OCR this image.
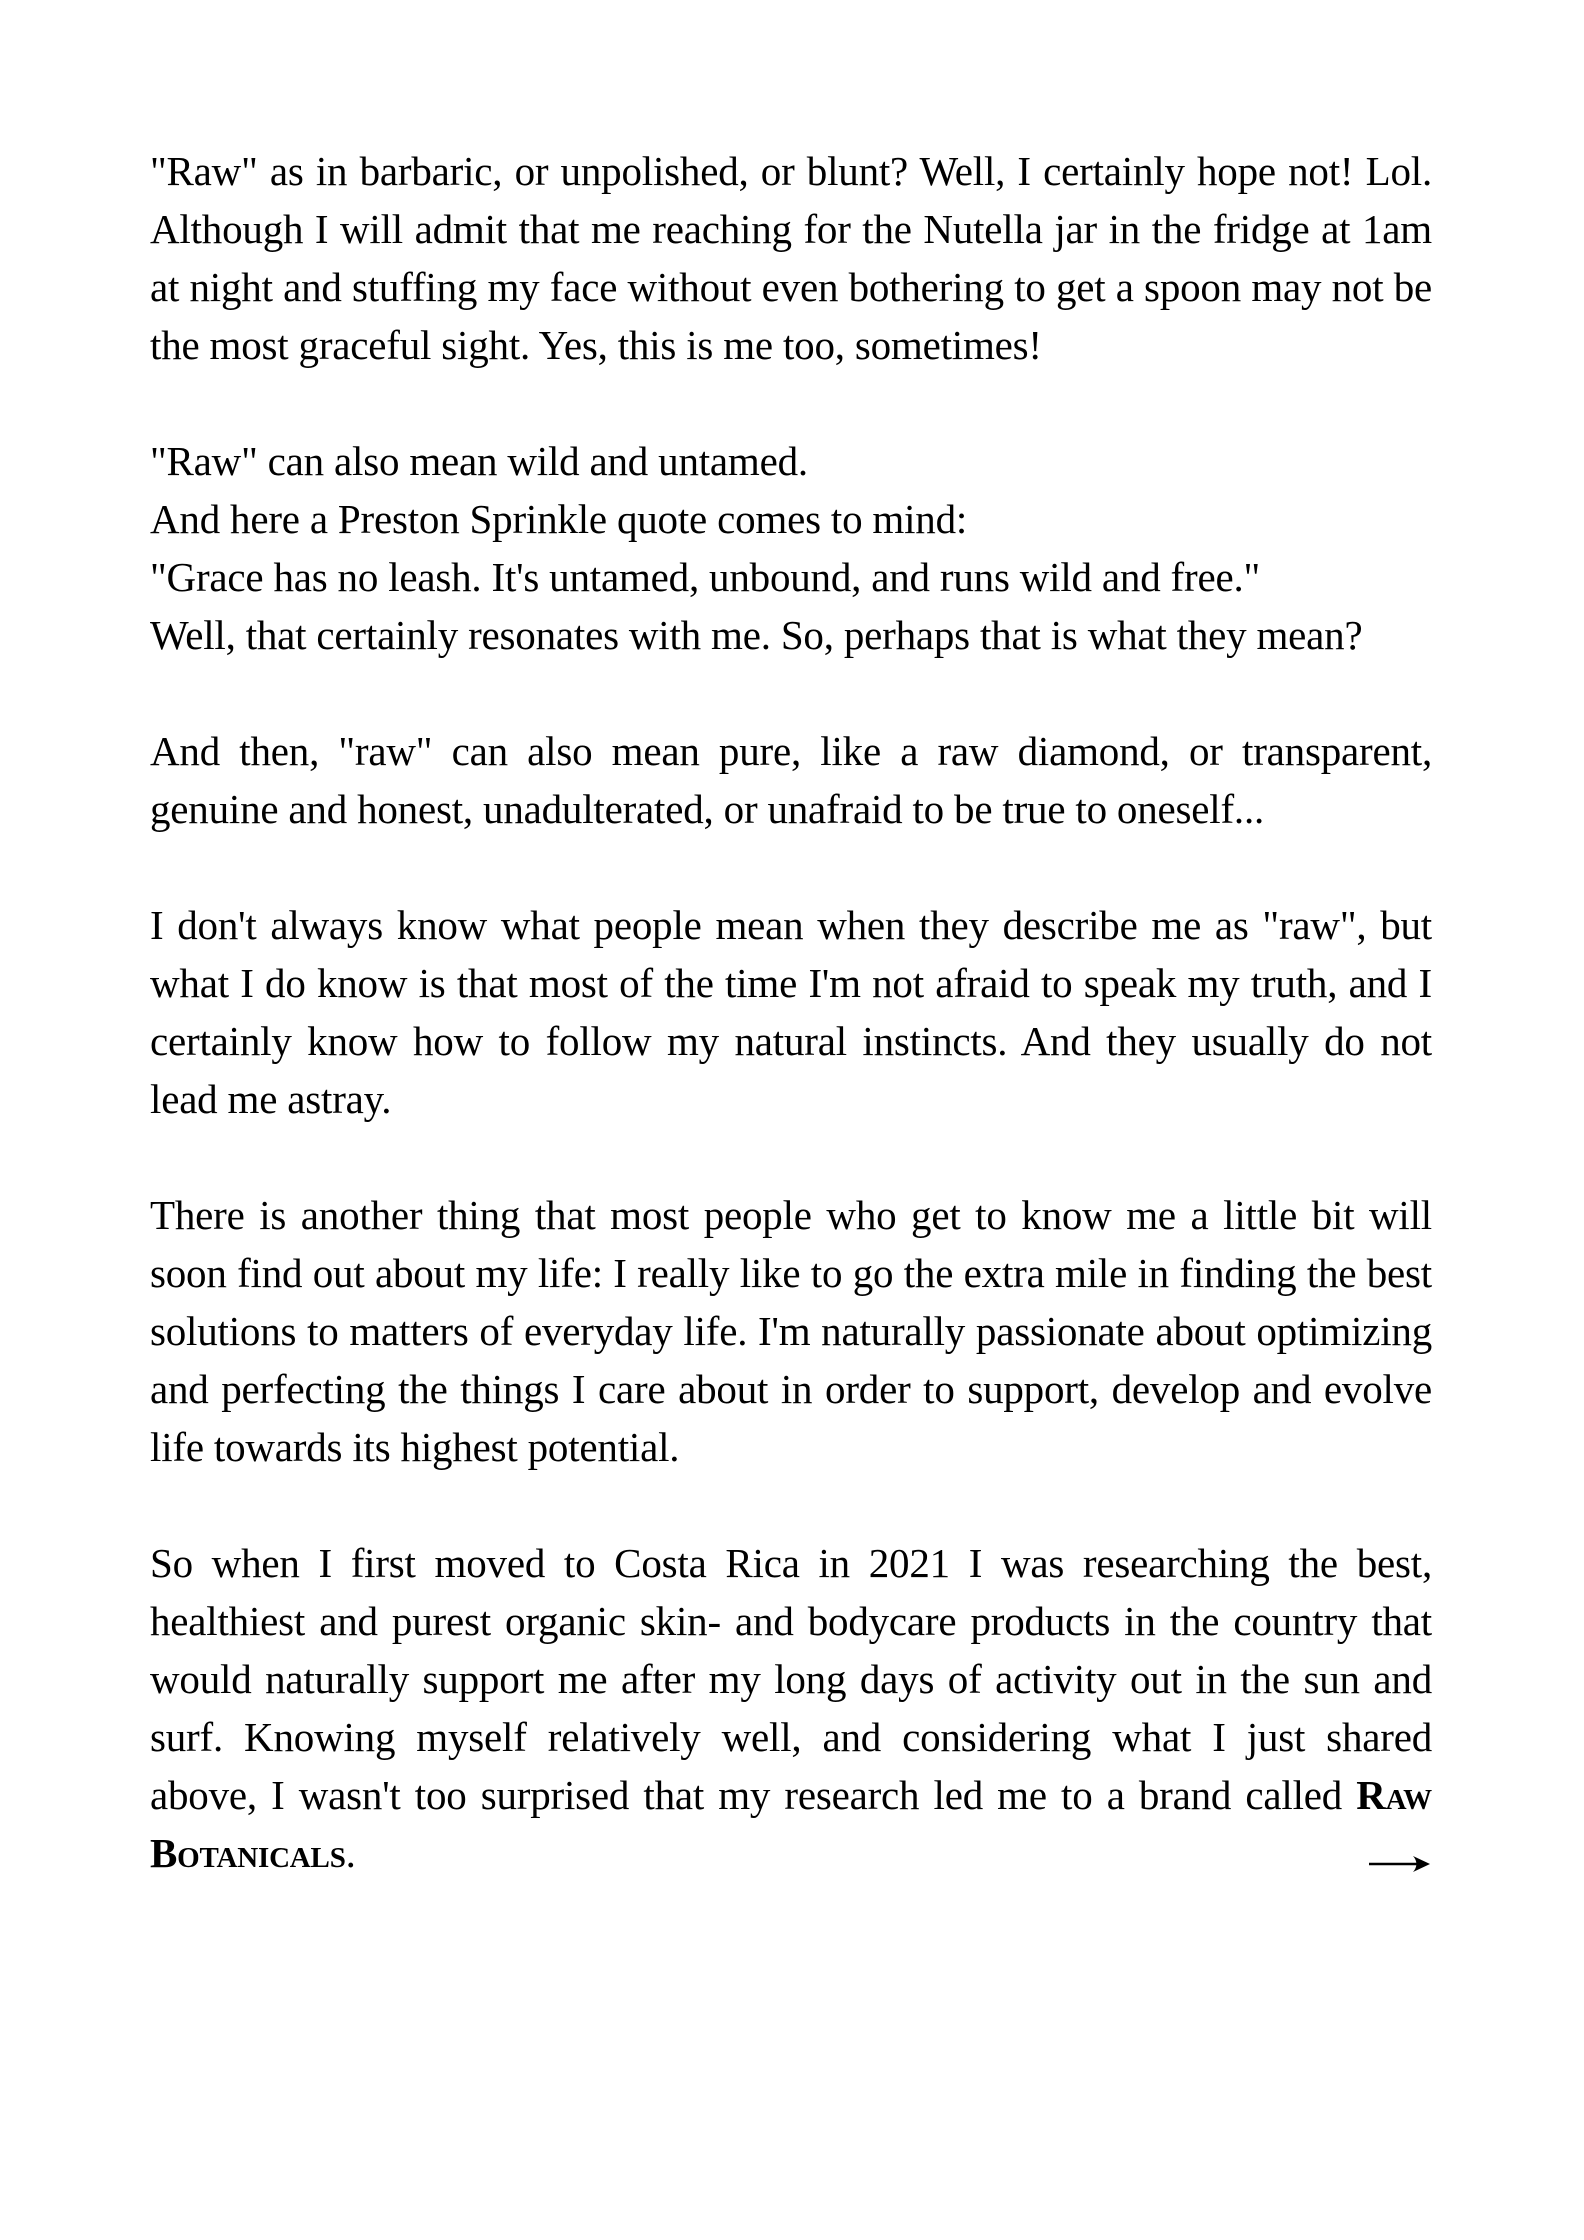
"Raw" as in barbaric, or unpolished, or blunt? Well, I certainly hope not! Lol. Although I will admit that me reaching for the Nutella jar in the fridge at 1am at night and stuffing my face without even bothering to get a spoon may not be the most graceful sight. Yes, this is me too, sometimes!

"Raw" can also mean wild and untamed.
And here a Preston Sprinkle quote comes to mind:
"Grace has no leash. It's untamed, unbound, and runs wild and free."
Well, that certainly resonates with me. So, perhaps that is what they mean?

And then, "raw" can also mean pure, like a raw diamond, or transparent, genuine and honest, unadulterated, or unafraid to be true to oneself...

I don't always know what people mean when they describe me as "raw", but what I do know is that most of the time I'm not afraid to speak my truth, and I certainly know how to follow my natural instincts. And they usually do not lead me astray.

There is another thing that most people who get to know me a little bit will soon find out about my life: I really like to go the extra mile in finding the best solutions to matters of everyday life. I'm naturally passionate about optimizing and perfecting the things I care about in order to support, develop and evolve life towards its highest potential.

So when I first moved to Costa Rica in 2021 I was researching the best, healthiest and purest organic skin- and bodycare products in the country that would naturally support me after my long days of activity out in the sun and surf. Knowing myself relatively well, and considering what I just shared above, I wasn't too surprised that my research led me to a brand called Raw Botanicals.
